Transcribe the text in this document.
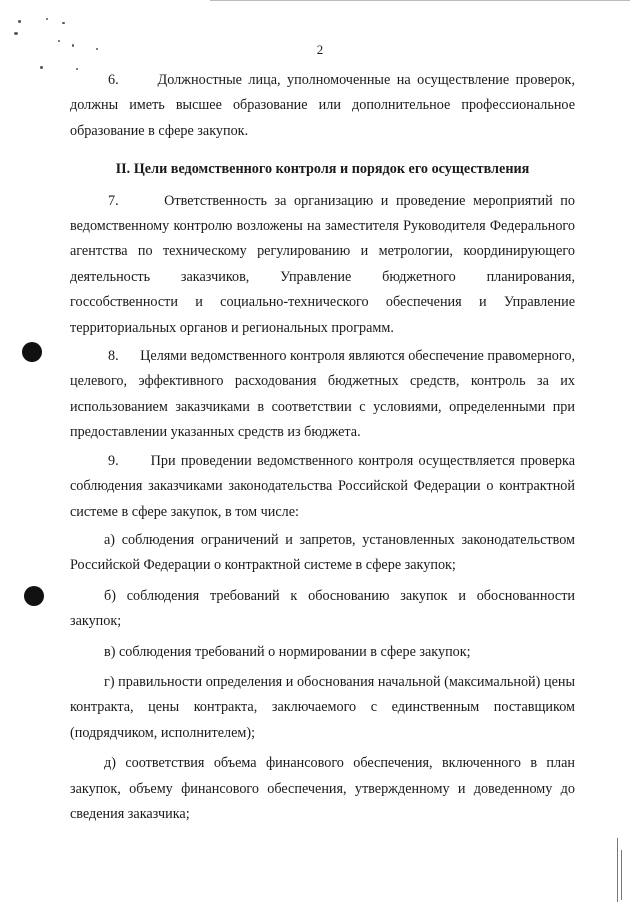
2

6.      Должностные лица, уполномоченные на осуществление проверок, должны иметь высшее образование или дополнительное профессиональное образование в сфере закупок.

II. Цели ведомственного контроля и порядок его осуществления

7.      Ответственность за организацию и проведение мероприятий по ведомственному контролю возложены на заместителя Руководителя Федерального агентства по техническому регулированию и метрологии, координирующего деятельность заказчиков, Управление бюджетного планирования, госсобственности и социально-технического обеспечения и Управление территориальных органов и региональных программ.

8.      Целями ведомственного контроля являются обеспечение правомерного, целевого, эффективного расходования бюджетных средств, контроль за их использованием заказчиками в соответствии с условиями, определенными при предоставлении указанных средств из бюджета.

9.      При проведении ведомственного контроля осуществляется проверка соблюдения заказчиками законодательства Российской Федерации о контрактной системе в сфере закупок, в том числе:

а) соблюдения ограничений и запретов, установленных законодательством Российской Федерации о контрактной системе в сфере закупок;

б) соблюдения требований к обоснованию закупок и обоснованности закупок;

в) соблюдения требований о нормировании в сфере закупок;

г) правильности определения и обоснования начальной (максимальной) цены контракта, цены контракта, заключаемого с единственным поставщиком (подрядчиком, исполнителем);

д) соответствия объема финансового обеспечения, включенного в план закупок, объему финансового обеспечения, утвержденному и доведенному до сведения заказчика;
